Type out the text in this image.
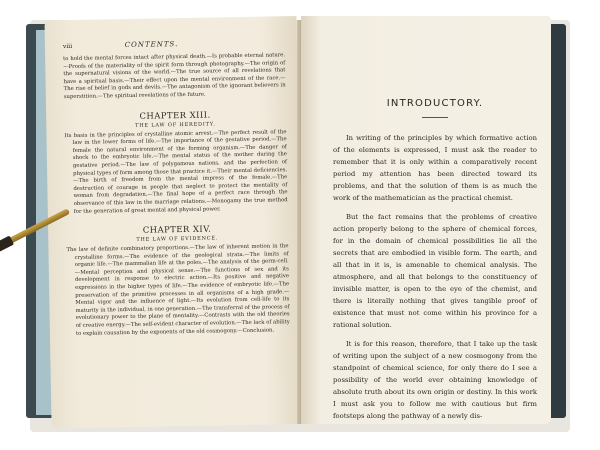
viii	CONTENTS.

to hold the mental forces intact after physical death.—Is probable eternal nature.—Proofs of the materiality of the spirit form through photography.—The origin of the supernatural visions of the world.—The true source of all revelations that have a spiritual basis.—Their effect upon the mental environment of the race.—The rise of belief in gods and devils.—The antagonism of the ignorant believers in superstition.—The spiritual revelations of the future.

CHAPTER XIII.
THE LAW OF HEREDITY.

Its basis in the principles of crystalline atomic arrest.—The perfect result of the law in the lower forms of life.—The importance of the gestative period.—The female the natural environment of the forming organism.—The danger of shock to the embryotic life.—The mental status of the mother during the gestative period.—The law of polygamous nations, and the perfection of physical types of form among those that practice it.—Their mental deficiencies.—The birth of freedom from the mental impress of the female.—The destruction of courage in people that neglect to protect the mentality of woman from degradation.—The final hope of a perfect race through the observance of this law in the marriage relations.—Monogamy the true method for the generation of great mental and physical power.

CHAPTER XIV.
THE LAW OF EVIDENCE.

The law of definite combinatory proportions.—The law of inherent motion in the crystalline forms.—The evidence of the geological strata.—The limits of organic life.—The mammalian life at the poles.—The analysis of the germ-cell.—Mental perception and physical sense.—The functions of sex and its development in response to electric action.—Its positive and negative expressions in the higher types of life.—The evidence of embryotic life.—The preservation of the primitive processes in all organisms of a high grade.—Mental vigor and the influence of light.—Its evolution from cell-life to its maturity in the individual, in one generation.—The transferral of the process of evolutionary power to the plane of mentality.—Contrasts with the old theories of creative energy.—The self-evident character of evolution.—The lack of ability to explain causation by the exponents of the old cosmogony.—Conclusion.

INTRODUCTORY.

In writing of the principles by which formative action of the elements is expressed, I must ask the reader to remember that it is only within a comparatively recent period my attention has been directed toward its problems, and that the solution of them is as much the work of the mathematician as the practical chemist.

But the fact remains that the problems of creative action properly belong to the sphere of chemical forces, for in the domain of chemical possibilities lie all the secrets that are embodied in visible form. The earth, and all that in it is, is amenable to chemical analysis. The atmosphere, and all that belongs to the constituency of invisible matter, is open to the eye of the chemist, and there is literally nothing that gives tangible proof of existence that must not come within his province for a rational solution.

It is for this reason, therefore, that I take up the task of writing upon the subject of a new cosmogony from the standpoint of chemical science, for only there do I see a possibility of the world ever obtaining knowledge of absolute truth about its own origin or destiny. In this work I must ask you to follow me with cautious but firm footsteps along the pathway of a newly dis-
